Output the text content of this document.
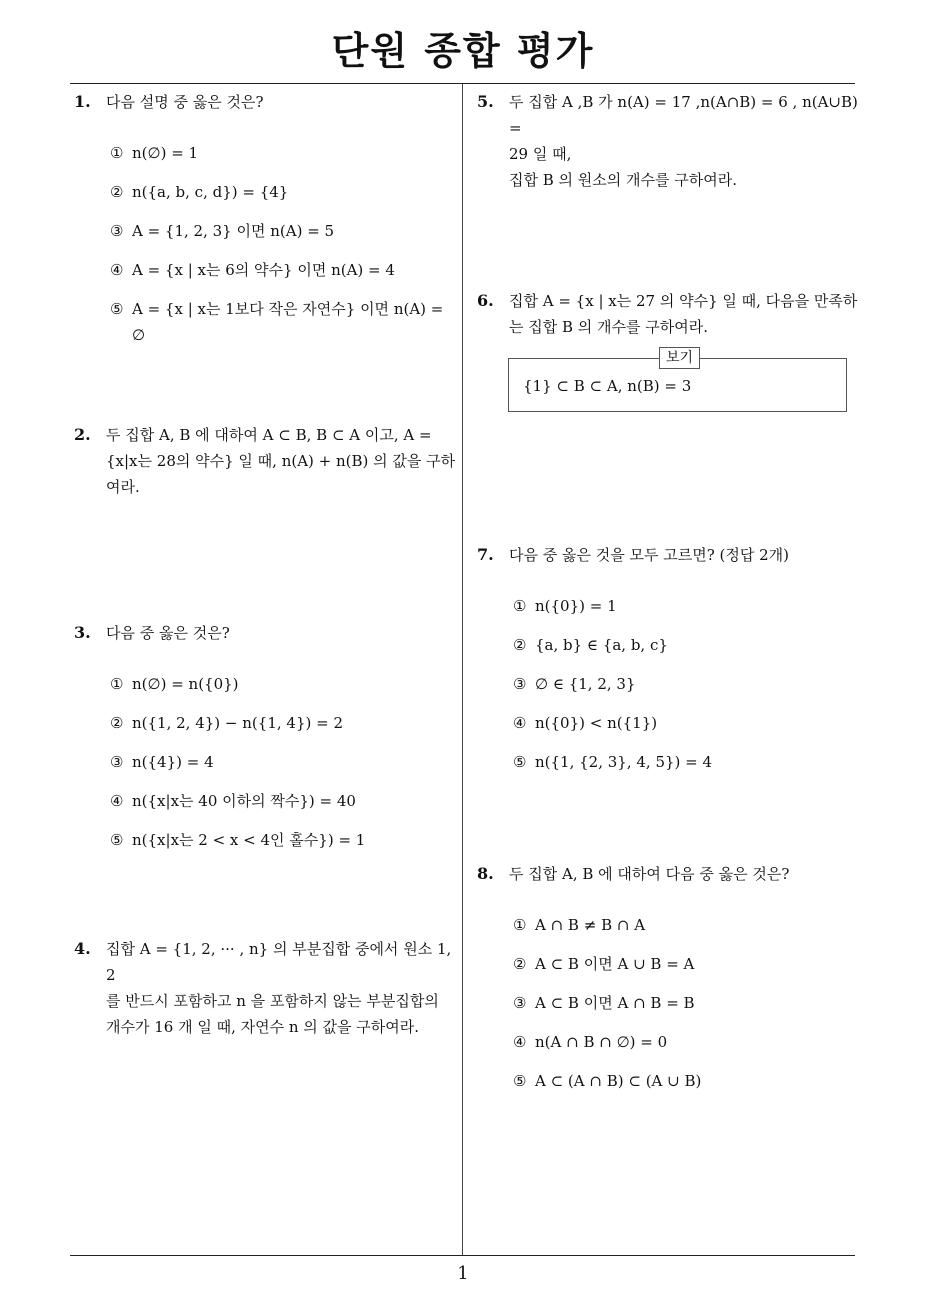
단원 종합 평가
1
1.	다음 설명 중 옳은 것은?
① n(∅) = 1
② n({a, b, c, d}) = {4}
③ A = {1, 2, 3} 이면 n(A) = 5
④ A = {x | x는 6의 약수} 이면 n(A) = 4
⑤ A = {x | x는 1보다 작은 자연수} 이면 n(A) = ∅
2.	두 집합 A, B 에 대하여 A ⊂ B, B ⊂ A 이고, A =
{x|x는 28의 약수} 일 때, n(A) + n(B) 의 값을 구하
여라.
3.	다음 중 옳은 것은?
① n(∅) = n({0})
② n({1, 2, 4}) − n({1, 4}) = 2
③ n({4}) = 4
④ n({x|x는 40 이하의 짝수}) = 40
⑤ n({x|x는 2 < x < 4인 홀수}) = 1
4.	집합 A = {1, 2, ··· , n} 의 부분집합 중에서 원소 1, 2
를 반드시 포함하고 n 을 포함하지 않는 부분집합의
개수가 16 개 일 때, 자연수 n 의 값을 구하여라.
5.	두 집합 A ,B 가 n(A) = 17 ,n(A∩B) = 6 , n(A∪B) =
29 일 때,
집합 B 의 원소의 개수를 구하여라.
6.	집합 A = {x | x는 27 의 약수} 일 때, 다음을 만족하
는 집합 B 의 개수를 구하여라.
보기
{1} ⊂ B ⊂ A, n(B) = 3
7.	다음 중 옳은 것을 모두 고르면? (정답 2개)
① n({0}) = 1
② {a, b} ∈ {a, b, c}
③ ∅ ∈ {1, 2, 3}
④ n({0}) < n({1})
⑤ n({1, {2, 3}, 4, 5}) = 4
8.	두 집합 A, B 에 대하여 다음 중 옳은 것은?
① A ∩ B ≠ B ∩ A
② A ⊂ B 이면 A ∪ B = A
③ A ⊂ B 이면 A ∩ B = B
④ n(A ∩ B ∩ ∅) = 0
⑤ A ⊂ (A ∩ B) ⊂ (A ∪ B)
